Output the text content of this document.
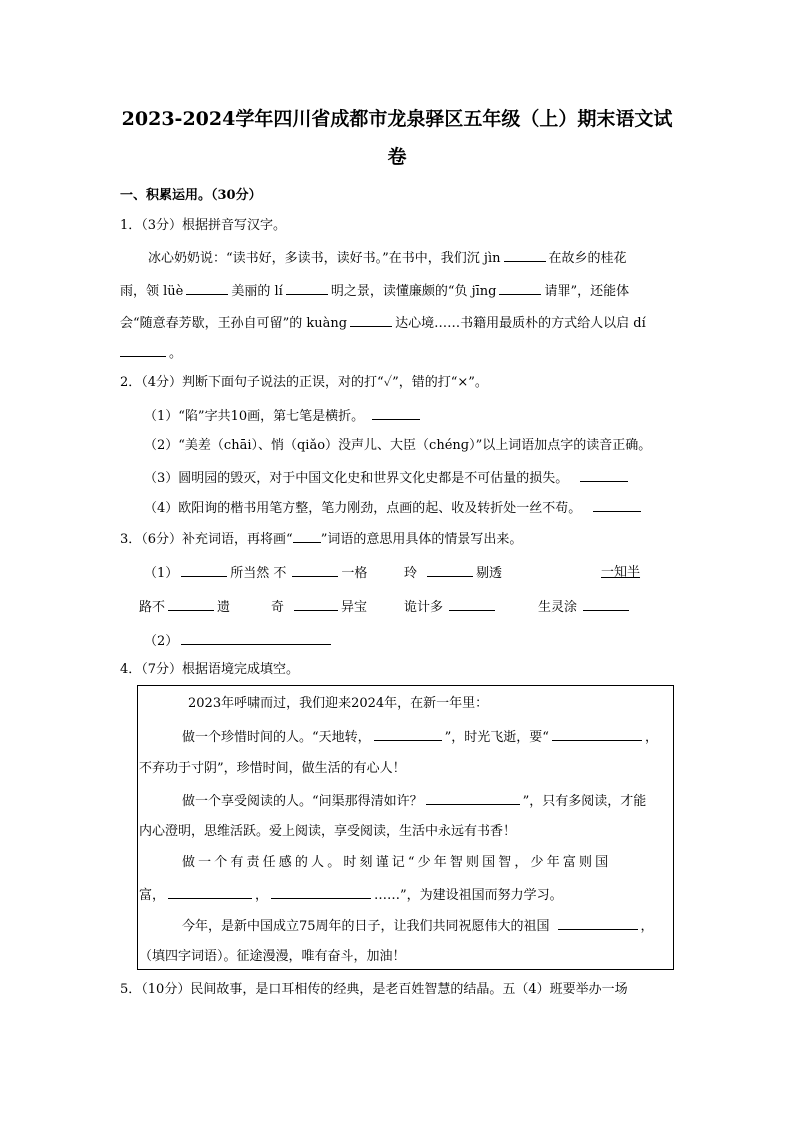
2023-2024学年四川省成都市龙泉驿区五年级（上）期末语文试
卷
一、积累运用。（30分）
1．（3分）根据拼音写汉字。
冰心奶奶说：“读书好，多读书，读好书。”在书中，我们沉 jìn	在故乡的桂花
雨，领 lüè	美丽的 lí	明之景，读懂廉颇的“负 jīng	请罪”，还能体
会“随意春芳歇，王孙自可留”的 kuàng	达心境……书籍用最质朴的方式给人以启 dí
。
2．（4分）判断下面句子说法的正误，对的打“✓”，错的打“×”。
（1）“陷”字共10画，第七笔是横折。
（2）“美差（chāi）、悄（qiǎo）没声儿、大臣（chénɡ）”以上词语加点字的读音正确。
（3）圆明园的毁灭，对于中国文化史和世界文化史都是不可估量的损失。
（4）欧阳询的楷书用笔方整，笔力刚劲，点画的起、收及转折处一丝不苟。
3．（6分）补充词语，再将画“ ”词语的意思用具体的情景写出来。
（1）	所当然 不	一格	玲	剔透	一知半
路不	遗	奇	异宝	诡计多	生灵涂
（2）
4．（7分）根据语境完成填空。
2023年呼啸而过，我们迎来2024年，在新一年里：
做一个珍惜时间的人。“天地转，	”，时光飞逝，要“	，
不弃功于寸阴”，珍惜时间，做生活的有心人！
做一个享受阅读的人。“问渠那得清如许？	”，只有多阅读，才能
内心澄明，思维活跃。爱上阅读，享受阅读，生活中永远有书香！
做 一 个 有 责 任 感 的 人 。 时 刻 谨 记 “ 少 年 智 则 国 智 ， 少 年 富 则 国
富，	，	……”，为建设祖国而努力学习。
今年，是新中国成立75周年的日子，让我们共同祝愿伟大的祖国	，
（填四字词语）。征途漫漫，唯有奋斗，加油！
5．（10分）民间故事，是口耳相传的经典，是老百姓智慧的结晶。五（4）班要举办一场
